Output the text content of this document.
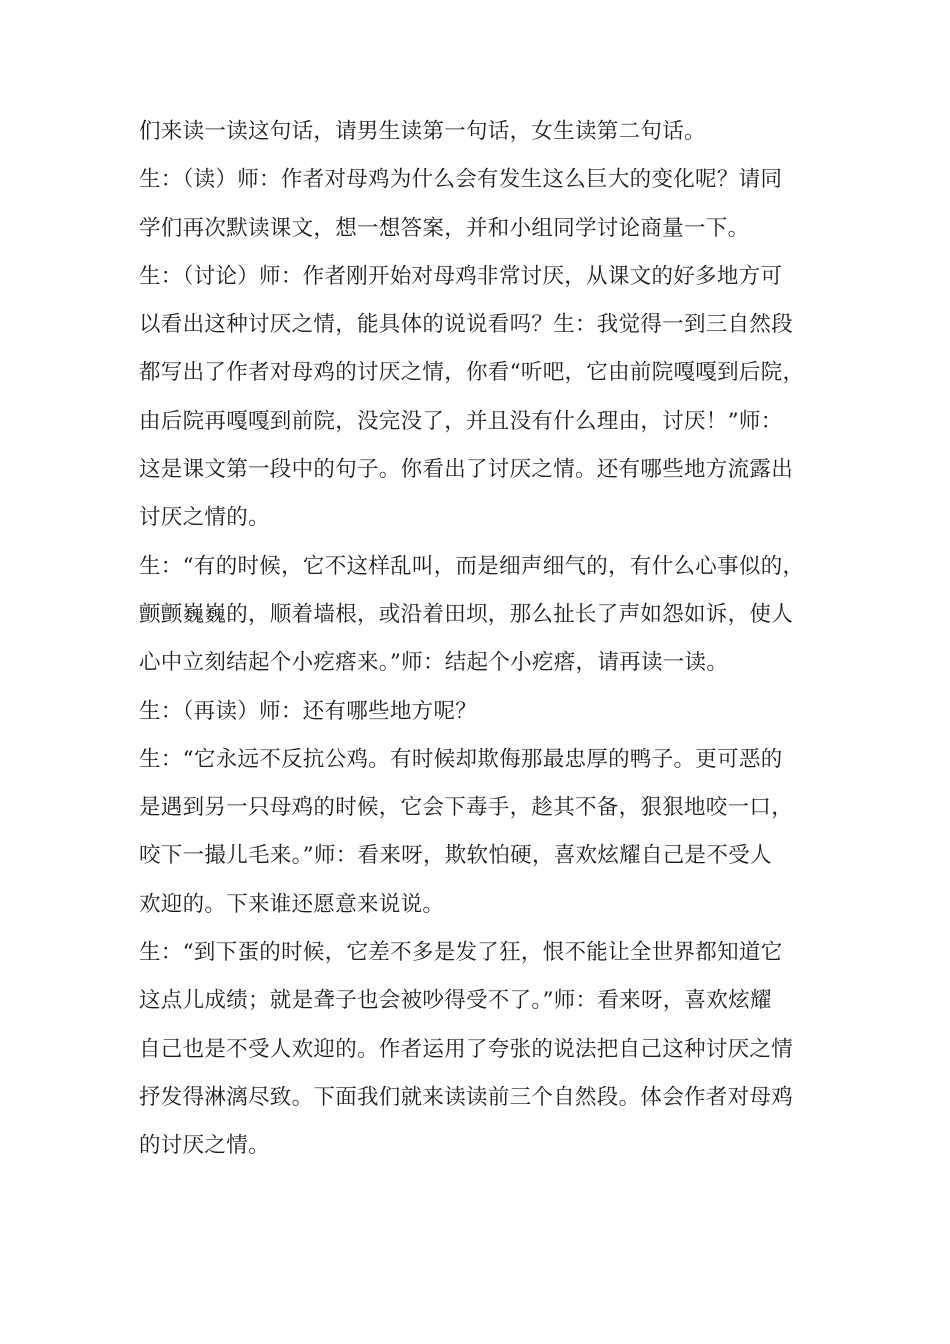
们来读一读这句话，请男生读第一句话，女生读第二句话。
生：（读）师：作者对母鸡为什么会有发生这么巨大的变化呢？请同
学们再次默读课文，想一想答案，并和小组同学讨论商量一下。
生：（讨论）师：作者刚开始对母鸡非常讨厌，从课文的好多地方可
以看出这种讨厌之情，能具体的说说看吗？生：我觉得一到三自然段
都写出了作者对母鸡的讨厌之情，你看“听吧，它由前院嘎嘎到后院，
由后院再嘎嘎到前院，没完没了，并且没有什么理由，讨厌！”师：
这是课文第一段中的句子。你看出了讨厌之情。还有哪些地方流露出
讨厌之情的。
生：“有的时候，它不这样乱叫，而是细声细气的，有什么心事似的，
颤颤巍巍的，顺着墙根，或沿着田坝，那么扯长了声如怨如诉，使人
心中立刻结起个小疙瘩来。”师：结起个小疙瘩，请再读一读。
生：（再读）师：还有哪些地方呢？
生：“它永远不反抗公鸡。有时候却欺侮那最忠厚的鸭子。更可恶的
是遇到另一只母鸡的时候，它会下毒手，趁其不备，狠狠地咬一口，
咬下一撮儿毛来。”师：看来呀，欺软怕硬，喜欢炫耀自己是不受人
欢迎的。下来谁还愿意来说说。
生：“到下蛋的时候，它差不多是发了狂，恨不能让全世界都知道它
这点儿成绩；就是聋子也会被吵得受不了。”师：看来呀，喜欢炫耀
自己也是不受人欢迎的。作者运用了夸张的说法把自己这种讨厌之情
抒发得淋漓尽致。下面我们就来读读前三个自然段。体会作者对母鸡
的讨厌之情。
